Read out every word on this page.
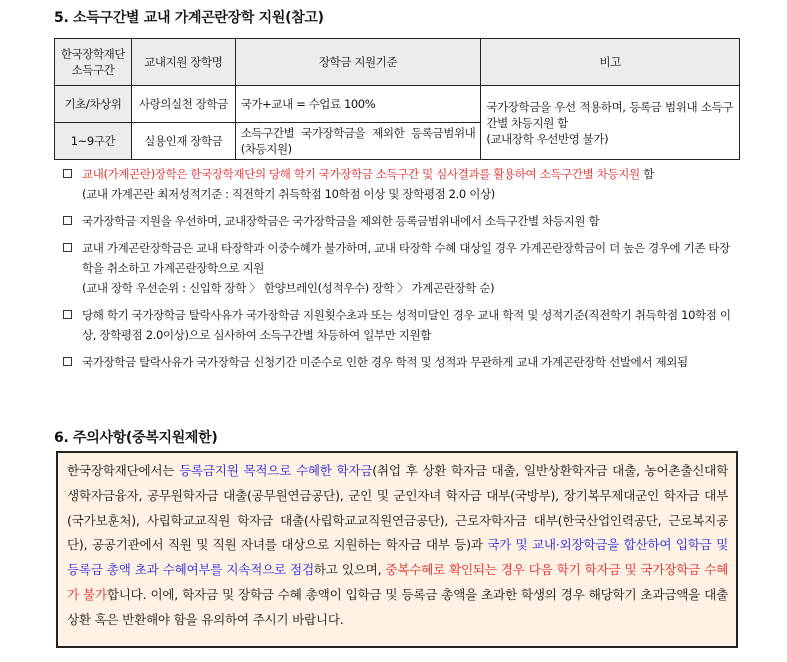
5. 소득구간별 교내 가계곤란장학 지원(참고)
한국장학재단
소득구간	교내지원 장학명	장학금 지원기준	비고
기초/차상위	사랑의실천 장학금	국가+교내 = 수업료 100%	국가장학금을 우선 적용하며, 등록금 범위내 소득구간별 차등지원 함
(교내장학 우선반영 불가)
1~9구간	실용인재 장학금	소득구간별 국가장학금을 제외한 등록금범위내(차등지원)	
교내(가계곤란)장학은 한국장학재단의 당해 학기 국가장학금 소득구간 및 심사결과를 활용하여 소득구간별 차등지원 함
(교내 가계곤란 최저성적기준 : 직전학기 취득학점 10학점 이상 및 장학평점 2.0 이상)
국가장학금 지원을 우선하며, 교내장학금은 국가장학금을 제외한 등록금범위내에서 소득구간별 차등지원 함
교내 가계곤란장학금은 교내 타장학과 이중수혜가 불가하며, 교내 타장학 수혜 대상일 경우 가계곤란장학금이 더 높은 경우에 기존 타장학을 취소하고 가계곤란장학으로 지원
(교내 장학 우선순위 : 신입학 장학 〉 한양브레인(성적우수) 장학 〉 가계곤란장학 순)
당해 학기 국가장학금 탈락사유가 국가장학금 지원횟수초과 또는 성적미달인 경우 교내 학적 및 성적기준(직전학기 취득학점 10학점 이상, 장학평점 2.0이상)으로 심사하여 소득구간별 차등하여 일부만 지원함
국가장학금 탈락사유가 국가장학금 신청기간 미준수로 인한 경우 학적 및 성적과 무관하게 교내 가계곤란장학 선발에서 제외됨
6. 주의사항(중복지원제한)
한국장학재단에서는 등록금지원 목적으로 수혜한 학자금(취업 후 상환 학자금 대출, 일반상환학자금 대출, 농어촌출신대학생학자금융자, 공무원학자금 대출(공무원연금공단), 군인 및 군인자녀 학자금 대부(국방부), 장기복무제대군인 학자금 대부(국가보훈처), 사립학교교직원 학자금 대출(사립학교교직원연금공단), 근로자학자금 대부(한국산업인력공단, 근로복지공단), 공공기관에서 직원 및 직원 자녀를 대상으로 지원하는 학자금 대부 등)과 국가 및 교내·외장학금을 합산하여 입학금 및 등록금 총액 초과 수혜여부를 지속적으로 점검하고 있으며, 중복수혜로 확인되는 경우 다음 학기 학자금 및 국가장학금 수혜가 불가합니다. 이에, 학자금 및 장학금 수혜 총액이 입학금 및 등록금 총액을 초과한 학생의 경우 해당학기 초과금액을 대출상환 혹은 반환해야 함을 유의하여 주시기 바랍니다.
